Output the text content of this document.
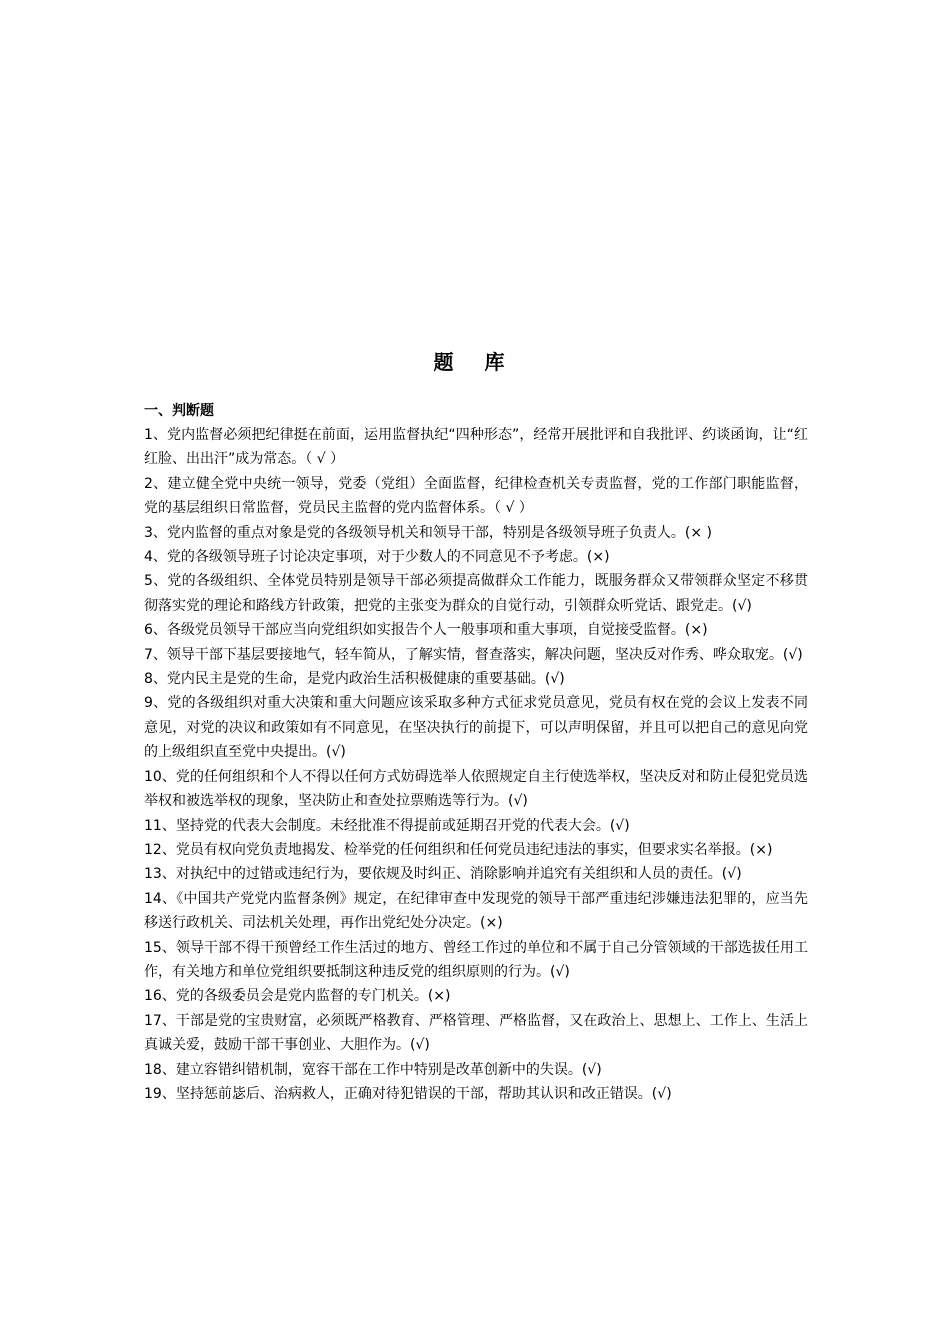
题 库
一、判断题
1、党内监督必须把纪律挺在前面，运用监督执纪“四种形态”，经常开展批评和自我批评、约谈函询，让“红红脸、出出汗”成为常态。（ √ ）
2、建立健全党中央统一领导，党委（党组）全面监督，纪律检查机关专责监督，党的工作部门职能监督，党的基层组织日常监督，党员民主监督的党内监督体系。（ √ ）
3、党内监督的重点对象是党的各级领导机关和领导干部，特别是各级领导班子负责人。(× )
4、党的各级领导班子讨论决定事项，对于少数人的不同意见不予考虑。(×)
5、党的各级组织、全体党员特别是领导干部必须提高做群众工作能力，既服务群众又带领群众坚定不移贯彻落实党的理论和路线方针政策，把党的主张变为群众的自觉行动，引领群众听党话、跟党走。(√)
6、各级党员领导干部应当向党组织如实报告个人一般事项和重大事项，自觉接受监督。(×)
7、领导干部下基层要接地气，轻车简从，了解实情，督查落实，解决问题，坚决反对作秀、哗众取宠。(√)
8、党内民主是党的生命，是党内政治生活积极健康的重要基础。(√)
9、党的各级组织对重大决策和重大问题应该采取多种方式征求党员意见，党员有权在党的会议上发表不同意见，对党的决议和政策如有不同意见，在坚决执行的前提下，可以声明保留，并且可以把自己的意见向党的上级组织直至党中央提出。(√)
10、党的任何组织和个人不得以任何方式妨碍选举人依照规定自主行使选举权，坚决反对和防止侵犯党员选举权和被选举权的现象，坚决防止和查处拉票贿选等行为。(√)
11、坚持党的代表大会制度。未经批准不得提前或延期召开党的代表大会。(√)
12、党员有权向党负责地揭发、检举党的任何组织和任何党员违纪违法的事实，但要求实名举报。(×)
13、对执纪中的过错或违纪行为，要依规及时纠正、消除影响并追究有关组织和人员的责任。(√)
14、《中国共产党党内监督条例》规定，在纪律审查中发现党的领导干部严重违纪涉嫌违法犯罪的，应当先移送行政机关、司法机关处理，再作出党纪处分决定。(×)
15、领导干部不得干预曾经工作生活过的地方、曾经工作过的单位和不属于自己分管领域的干部选拔任用工作，有关地方和单位党组织要抵制这种违反党的组织原则的行为。(√)
16、党的各级委员会是党内监督的专门机关。(×)
17、干部是党的宝贵财富，必须既严格教育、严格管理、严格监督，又在政治上、思想上、工作上、生活上真诚关爱，鼓励干部干事创业、大胆作为。(√)
18、建立容错纠错机制，宽容干部在工作中特别是改革创新中的失误。(√)
19、坚持惩前毖后、治病救人，正确对待犯错误的干部，帮助其认识和改正错误。(√)
